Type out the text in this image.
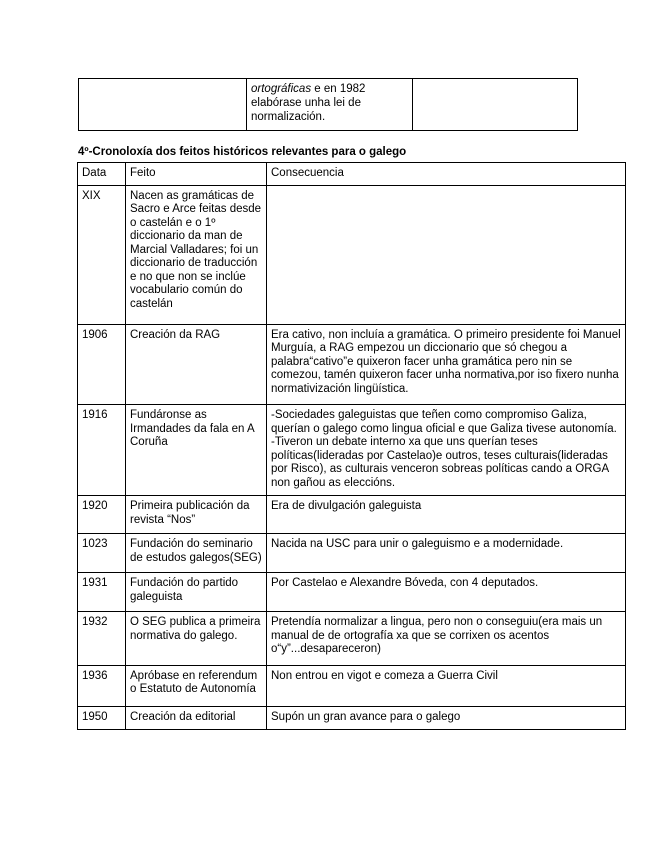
	ortográficas e en 1982 elabórase unha lei de normalización.	
4º-Cronoloxía dos feitos históricos relevantes para o galego
Data	Feito	Consecuencia
XIX	Nacen as gramáticas de Sacro e Arce feitas desde o castelán e o 1º diccionario da man de Marcial Valladares; foi un diccionario de traducción e no que non se inclúe vocabulario común do castelán	

1906	Creación da RAG	Era cativo, non incluía a gramática. O primeiro presidente foi Manuel Murguía, a RAG empezou un diccionario que só chegou a palabra“cativo”e quixeron facer unha gramática pero nin se comezou, tamén quixeron facer unha normativa,por iso fixero nunha normativización lingüística.

1916	Fundáronse as Irmandades da fala en A Coruña	-Sociedades galeguistas que teñen como compromiso Galiza, querían o galego como lingua oficial e que Galiza tivese autonomía.
-Tiveron un debate interno xa que uns querían teses políticas(lideradas por Castelao)e outros, teses culturais(lideradas por Risco), as culturais venceron sobreas políticas cando a ORGA non gañou as eleccións.

1920	Primeira publicación da revista “Nos”	Era de divulgación galeguista

1023	Fundación do seminario de estudos galegos(SEG)	Nacida na USC para unir o galeguismo e a modernidade.

1931	Fundación do partido galeguista	Por Castelao e Alexandre Bóveda, con 4 deputados.

1932	O SEG publica a primeira normativa do galego.	Pretendía normalizar a lingua, pero non o conseguiu(era mais un manual de de ortografía xa que se corrixen os acentos o“y”...desapareceron)

1936	Apróbase en referendum o Estatuto de Autonomía	Non entrou en vigot e comeza a Guerra Civil

1950	Creación da editorial	Supón un gran avance para o galego
